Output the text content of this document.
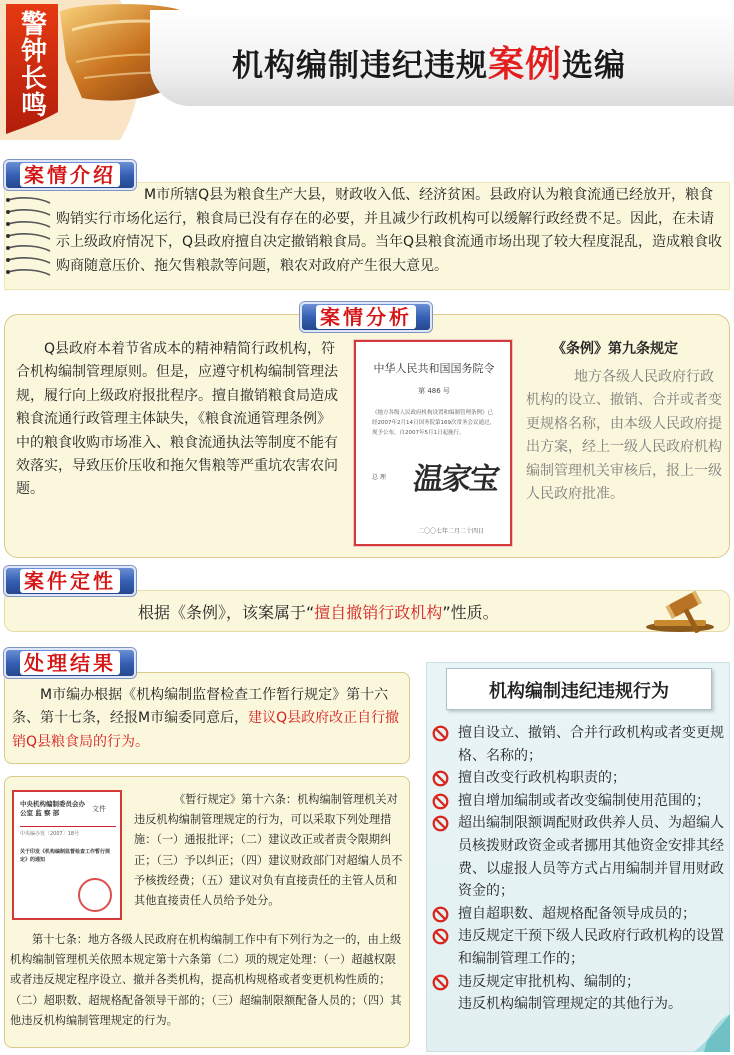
警
钟
长
鸣
机构编制违纪违规案例选编
案情介绍
M市所辖Q县为粮食生产大县，财政收入低、经济贫困。县政府认为粮食流通已经放开，粮食购销实行市场化运行，粮食局已没有存在的必要，并且减少行政机构可以缓解行政经费不足。因此，在未请示上级政府情况下，Q县政府擅自决定撤销粮食局。当年Q县粮食流通市场出现了较大程度混乱，造成粮食收购商随意压价、拖欠售粮款等问题，粮农对政府产生很大意见。
案情分析
Q县政府本着节省成本的精神精简行政机构，符合机构编制管理原则。但是，应遵守机构编制管理法规，履行向上级政府报批程序。擅自撤销粮食局造成粮食流通行政管理主体缺失，《粮食流通管理条例》中的粮食收购市场准入、粮食流通执法等制度不能有效落实，导致压价压收和拖欠售粮等严重坑农害农问题。
中华人民共和国国务院令
第 486 号
《地方各级人民政府机构设置和编制管理条例》已经2007年2月14日国务院第169次常务会议通过，现予公布，自2007年5月1日起施行。
总 理 温家宝
二〇〇七年二月二十四日
《条例》第九条规定
地方各级人民政府行政机构的设立、撤销、合并或者变更规格名称，由本级人民政府提出方案，经上一级人民政府机构编制管理机关审核后，报上一级人民政府批准。
案件定性
根据《条例》，该案属于“擅自撤销行政机构”性质。
处理结果
M市编办根据《机构编制监督检查工作暂行规定》第十六条、第十七条，经报M市编委同意后，建议Q县政府改正自行撤销Q县粮食局的行为。
中央机构编制委员会办公室 监 察 部	文件
中央编办发〔2007〕18号
关于印发《机构编制监督检查工作暂行规定》的通知
《暂行规定》第十六条：机构编制管理机关对违反机构编制管理规定的行为，可以采取下列处理措施：（一）通报批评；（二）建议改正或者责令限期纠正；（三）予以纠正；（四）建议财政部门对超编人员不予核拨经费；（五）建议对负有直接责任的主管人员和其他直接责任人员给予处分。
第十七条：地方各级人民政府在机构编制工作中有下列行为之一的，由上级机构编制管理机关依照本规定第十六条第（二）项的规定处理：（一）超越权限或者违反规定程序设立、撤并各类机构，提高机构规格或者变更机构性质的；（二）超职数、超规格配备领导干部的；（三）超编制限额配备人员的；（四）其他违反机构编制管理规定的行为。
机构编制违纪违规行为
擅自设立、撤销、合并行政机构或者变更规格、名称的；
擅自改变行政机构职责的；
擅自增加编制或者改变编制使用范围的；
超出编制限额调配财政供养人员、为超编人员核拨财政资金或者挪用其他资金安排其经费、以虚报人员等方式占用编制并冒用财政资金的；
擅自超职数、超规格配备领导成员的；
违反规定干预下级人民政府行政机构的设置和编制管理工作的；
违反规定审批机构、编制的；
违反机构编制管理规定的其他行为。
